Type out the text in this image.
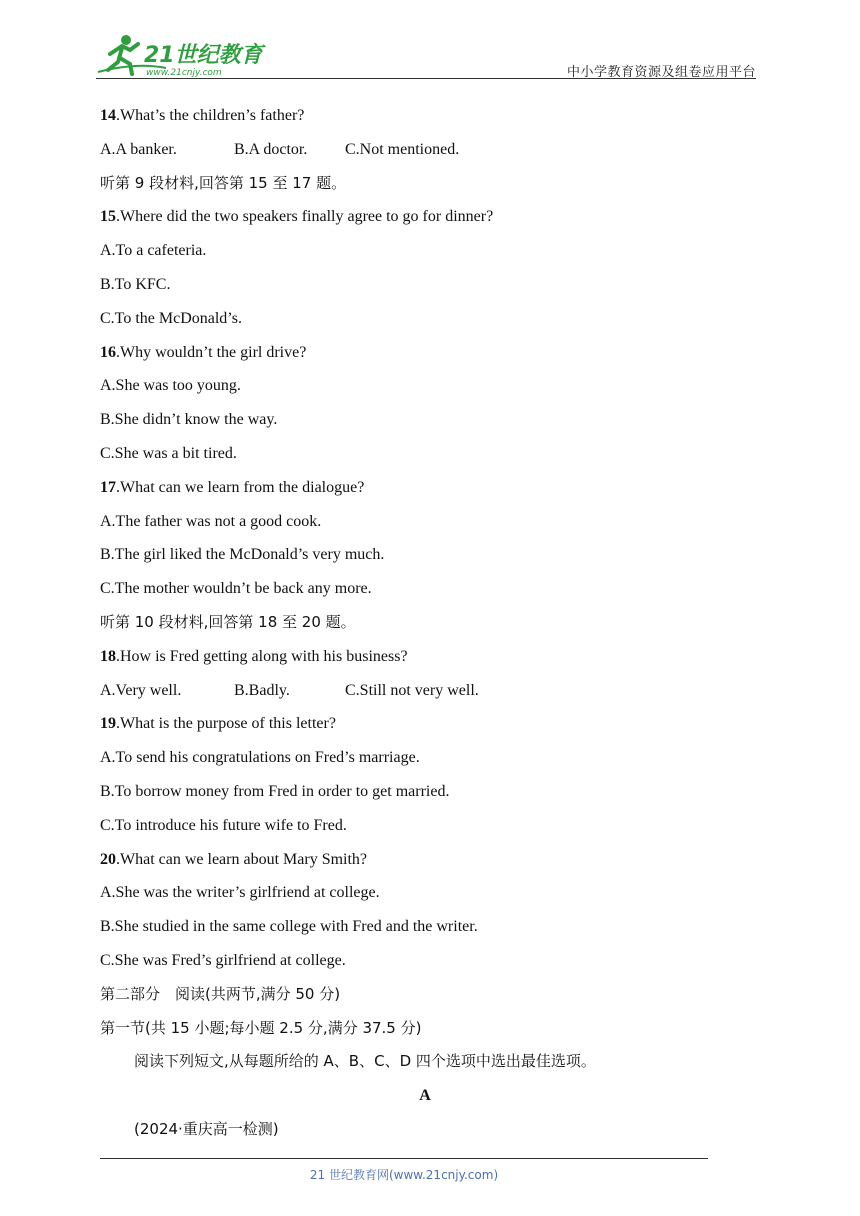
21世纪教育
www.21cnjy.com	中小学教育资源及组卷应用平台
14.What’s the children’s father?
A.A banker.	B.A doctor. C.Not mentioned.
听第 9 段材料,回答第 15 至 17 题。
15.Where did the two speakers finally agree to go for dinner?
A.To a cafeteria.
B.To KFC.
C.To the McDonald’s.
16.Why wouldn’t the girl drive?
A.She was too young.
B.She didn’t know the way.
C.She was a bit tired.
17.What can we learn from the dialogue?
A.The father was not a good cook.
B.The girl liked the McDonald’s very much.
C.The mother wouldn’t be back any more.
听第 10 段材料,回答第 18 至 20 题。
18.How is Fred getting along with his business?
A.Very well.	B.Badly.	C.Still not very well.
19.What is the purpose of this letter?
A.To send his congratulations on Fred’s marriage.
B.To borrow money from Fred in order to get married.
C.To introduce his future wife to Fred.
20.What can we learn about Mary Smith?
A.She was the writer’s girlfriend at college.
B.She studied in the same college with Fred and the writer.
C.She was Fred’s girlfriend at college.
第二部分　阅读(共两节,满分 50 分)
第一节(共 15 小题;每小题 2.5 分,满分 37.5 分)
阅读下列短文,从每题所给的 A、B、C、D 四个选项中选出最佳选项。
A
(2024·重庆高一检测)
21 世纪教育网(www.21cnjy.com)
